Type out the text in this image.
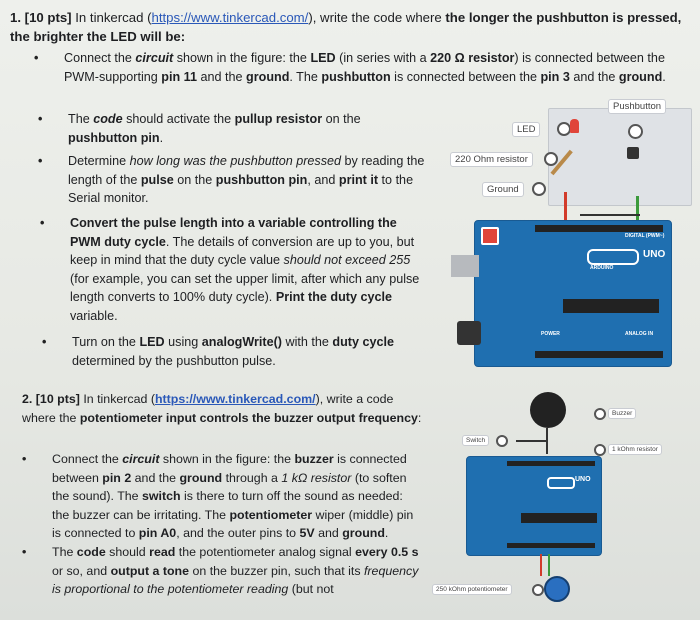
1. [10 pts] In tinkercad (https://www.tinkercad.com/), write the code where the longer the pushbutton is pressed, the brighter the LED will be:
• Connect the circuit shown in the figure: the LED (in series with a 220 Ω resistor) is connected between the PWM-supporting pin 11 and the ground. The pushbutton is connected between the pin 3 and the ground.
• The code should activate the pullup resistor on the pushbutton pin.
• Determine how long was the pushbutton pressed by reading the length of the pulse on the pushbutton pin, and print it to the Serial monitor.
• Convert the pulse length into a variable controlling the PWM duty cycle. The details of conversion are up to you, but keep in mind that the duty cycle value should not exceed 255 (for example, you can set the upper limit, after which any pulse length converts to 100% duty cycle). Print the duty cycle variable.
• Turn on the LED using analogWrite() with the duty cycle determined by the pushbutton pulse.
Pushbutton
LED
220 Ohm resistor
Ground
DIGITAL (PWM~)
UNO
ARDUINO
POWER	ANALOG IN
2. [10 pts] In tinkercad (https://www.tinkercad.com/), write a code where the potentiometer input controls the buzzer output frequency:
• Connect the circuit shown in the figure: the buzzer is connected between pin 2 and the ground through a 1 kΩ resistor (to soften the sound). The switch is there to turn off the sound as needed: the buzzer can be irritating. The potentiometer wiper (middle) pin is connected to pin A0, and the outer pins to 5V and ground.
• The code should read the potentiometer analog signal every 0.5 s or so, and output a tone on the buzzer pin, such that its frequency is proportional to the potentiometer reading (but not
Buzzer
1 kOhm resistor
Switch
UNO
250 kOhm potentiometer
